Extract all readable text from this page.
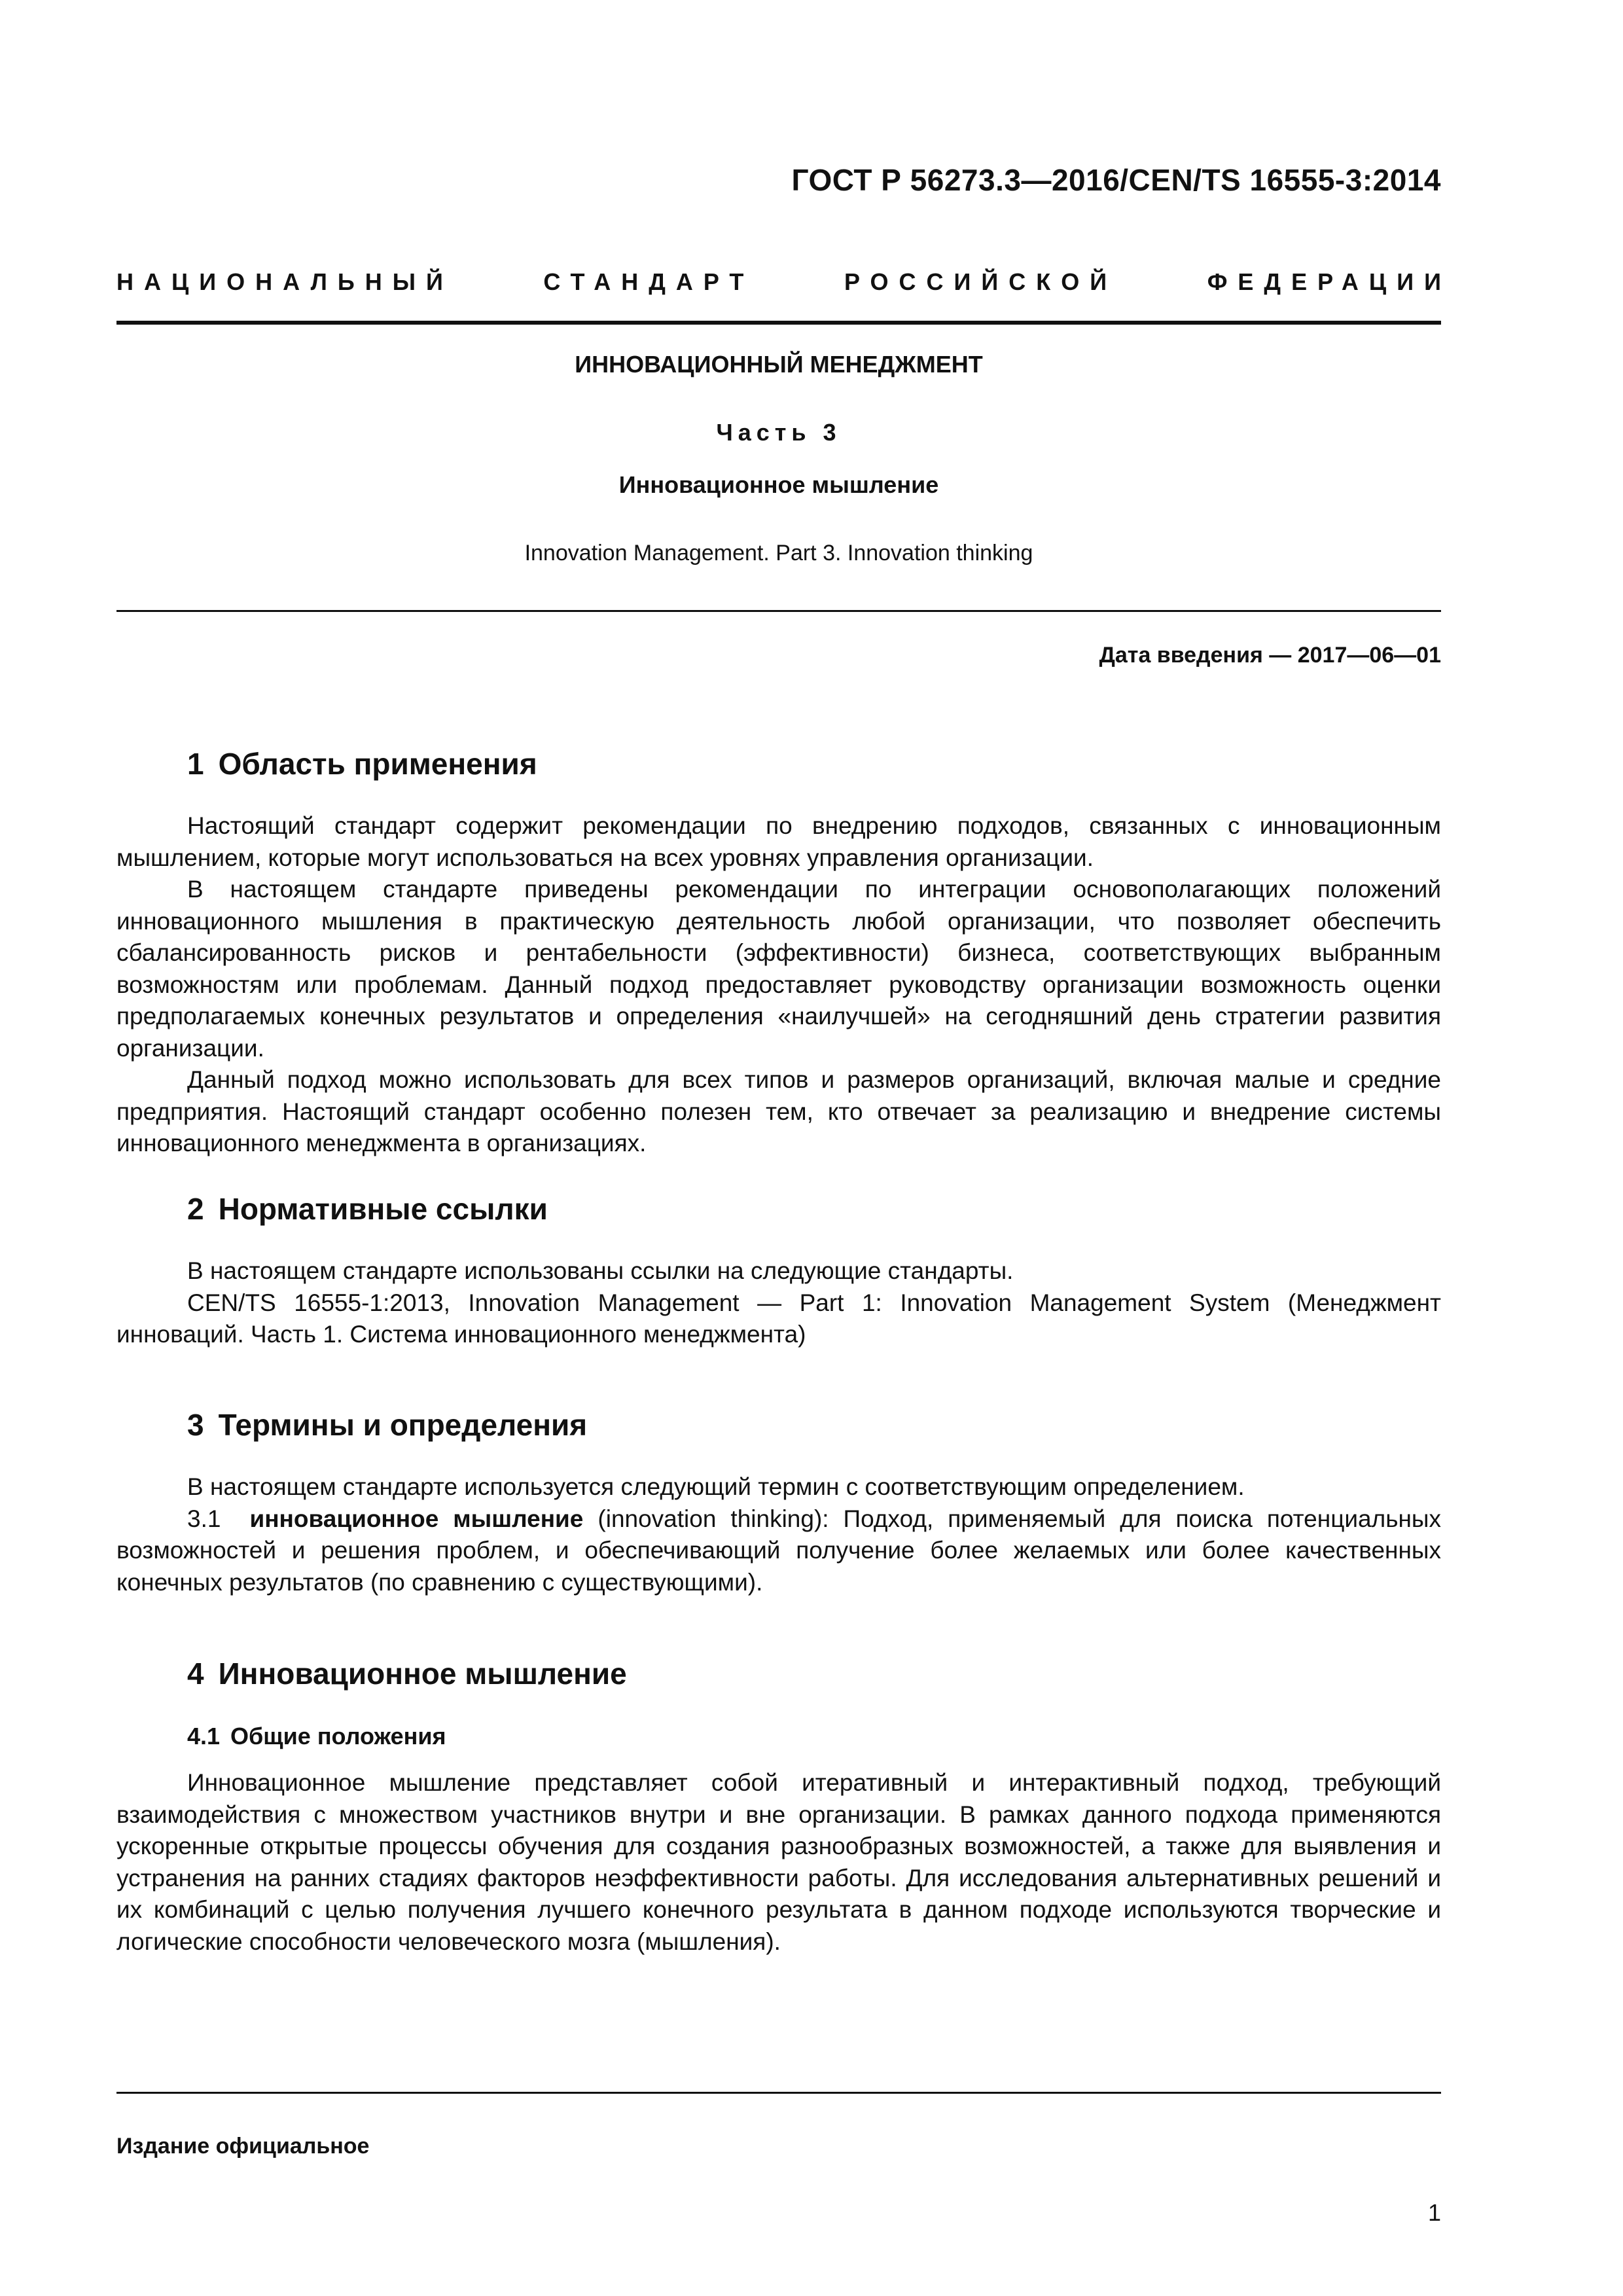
ГОСТ Р 56273.3—2016/CEN/TS 16555-3:2014
НАЦИОНАЛЬНЫЙ	СТАНДАРТ	РОССИЙСКОЙ	ФЕДЕРАЦИИ
ИННОВАЦИОННЫЙ МЕНЕДЖМЕНТ
Часть 3
Инновационное мышление
Innovation Management. Part 3. Innovation thinking
Дата введения — 2017—06—01
1 Область применения

Настоящий стандарт содержит рекомендации по внедрению подходов, связанных с инновационным мышлением, которые могут использоваться на всех уровнях управления организации.

В настоящем стандарте приведены рекомендации по интеграции основополагающих положений инновационного мышления в практическую деятельность любой организации, что позволяет обеспечить сбалансированность рисков и рентабельности (эффективности) бизнеса, соответствующих выбранным возможностям или проблемам. Данный подход предоставляет руководству организации возможность оценки предполагаемых конечных результатов и определения «наилучшей» на сегодняшний день стратегии развития организации.

Данный подход можно использовать для всех типов и размеров организаций, включая малые и средние предприятия. Настоящий стандарт особенно полезен тем, кто отвечает за реализацию и внедрение системы инновационного менеджмента в организациях.

2 Нормативные ссылки

В настоящем стандарте использованы ссылки на следующие стандарты.

CEN/TS 16555-1:2013, Innovation Management — Part 1: Innovation Management System (Менеджмент инноваций. Часть 1. Система инновационного менеджмента)

3 Термины и определения

В настоящем стандарте используется следующий термин с соответствующим определением.

3.1 инновационное мышление (innovation thinking): Подход, применяемый для поиска потенциальных возможностей и решения проблем, и обеспечивающий получение более желаемых или более качественных конечных результатов (по сравнению с существующими).

4 Инновационное мышление
4.1 Общие положения

Инновационное мышление представляет собой итеративный и интерактивный подход, требующий взаимодействия с множеством участников внутри и вне организации. В рамках данного подхода применяются ускоренные открытые процессы обучения для создания разнообразных возможностей, а также для выявления и устранения на ранних стадиях факторов неэффективности работы. Для исследования альтернативных решений и их комбинаций с целью получения лучшего конечного результата в данном подходе используются творческие и логические способности человеческого мозга (мышления).

Издание официальное
1
